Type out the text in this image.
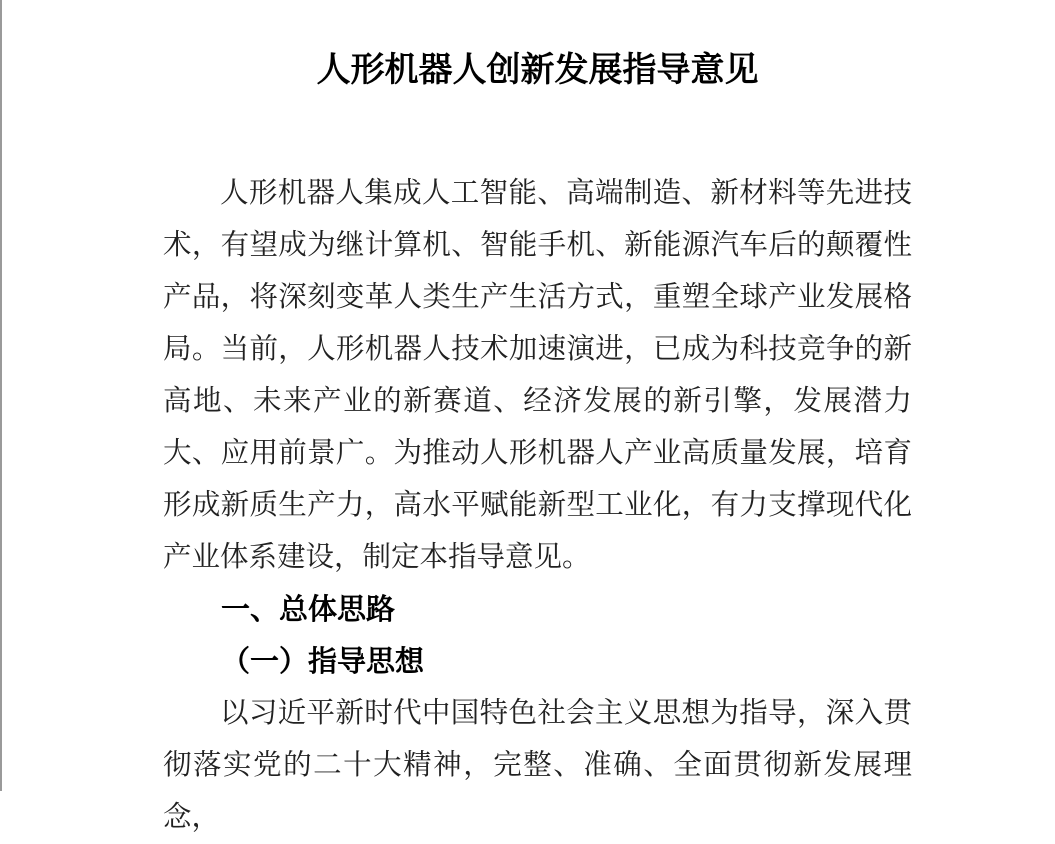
人形机器人创新发展指导意见

人形机器人集成人工智能、高端制造、新材料等先进技术，有望成为继计算机、智能手机、新能源汽车后的颠覆性产品，将深刻变革人类生产生活方式，重塑全球产业发展格局。当前，人形机器人技术加速演进，已成为科技竞争的新高地、未来产业的新赛道、经济发展的新引擎，发展潜力大、应用前景广。为推动人形机器人产业高质量发展，培育形成新质生产力，高水平赋能新型工业化，有力支撑现代化产业体系建设，制定本指导意见。

一、总体思路
（一）指导思想

以习近平新时代中国特色社会主义思想为指导，深入贯彻落实党的二十大精神，完整、准确、全面贯彻新发展理念，
